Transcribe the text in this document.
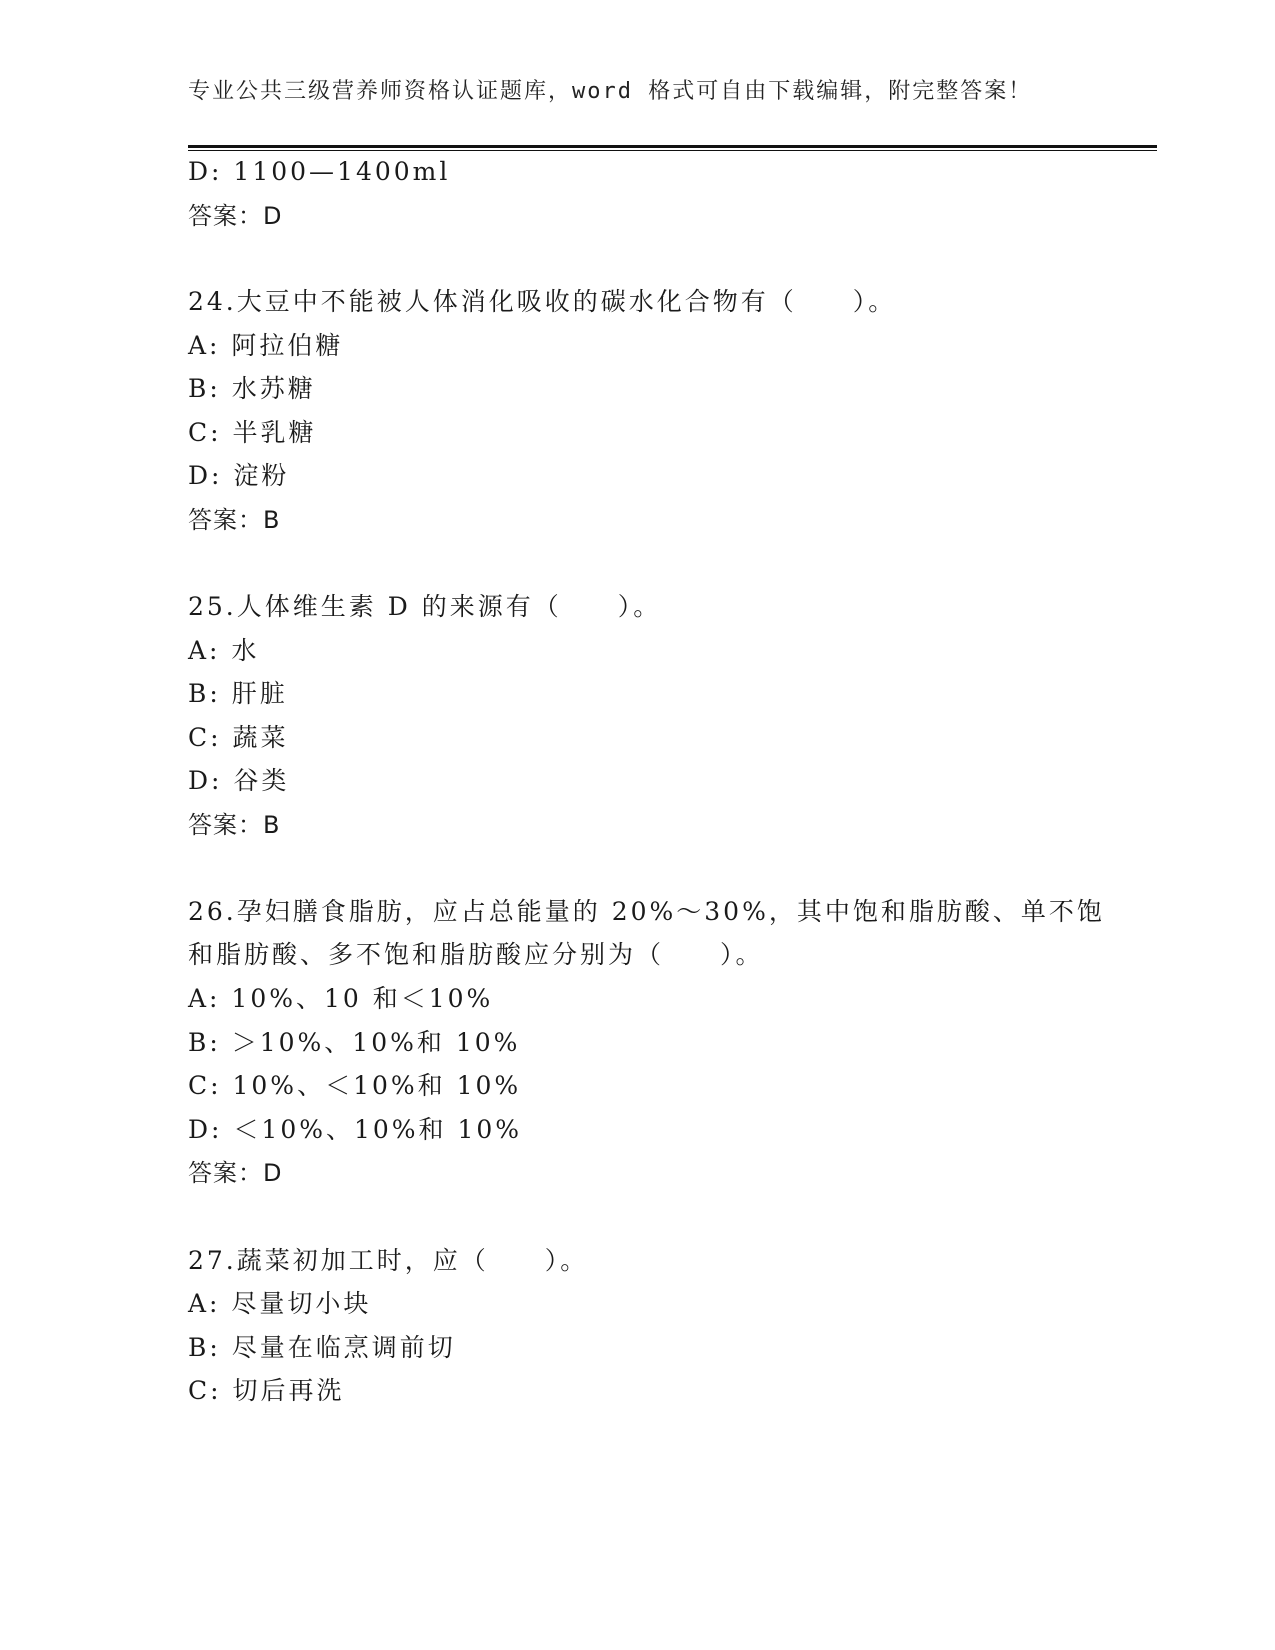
专业公共三级营养师资格认证题库，word 格式可自由下载编辑，附完整答案！
D: 1100—1400ml
答案：D
24.大豆中不能被人体消化吸收的碳水化合物有（　　）。
A: 阿拉伯糖
B: 水苏糖
C: 半乳糖
D: 淀粉
答案：B
25.人体维生素 D 的来源有（　　）。
A: 水
B: 肝脏
C: 蔬菜
D: 谷类
答案：B
26.孕妇膳食脂肪，应占总能量的 20%～30%，其中饱和脂肪酸、单不饱
和脂肪酸、多不饱和脂肪酸应分别为（　　）。
A: 10%、10 和＜10%
B: ＞10%、10%和 10%
C: 10%、＜10%和 10%
D: ＜10%、10%和 10%
答案：D
27.蔬菜初加工时，应（　　）。
A: 尽量切小块
B: 尽量在临烹调前切
C: 切后再洗
